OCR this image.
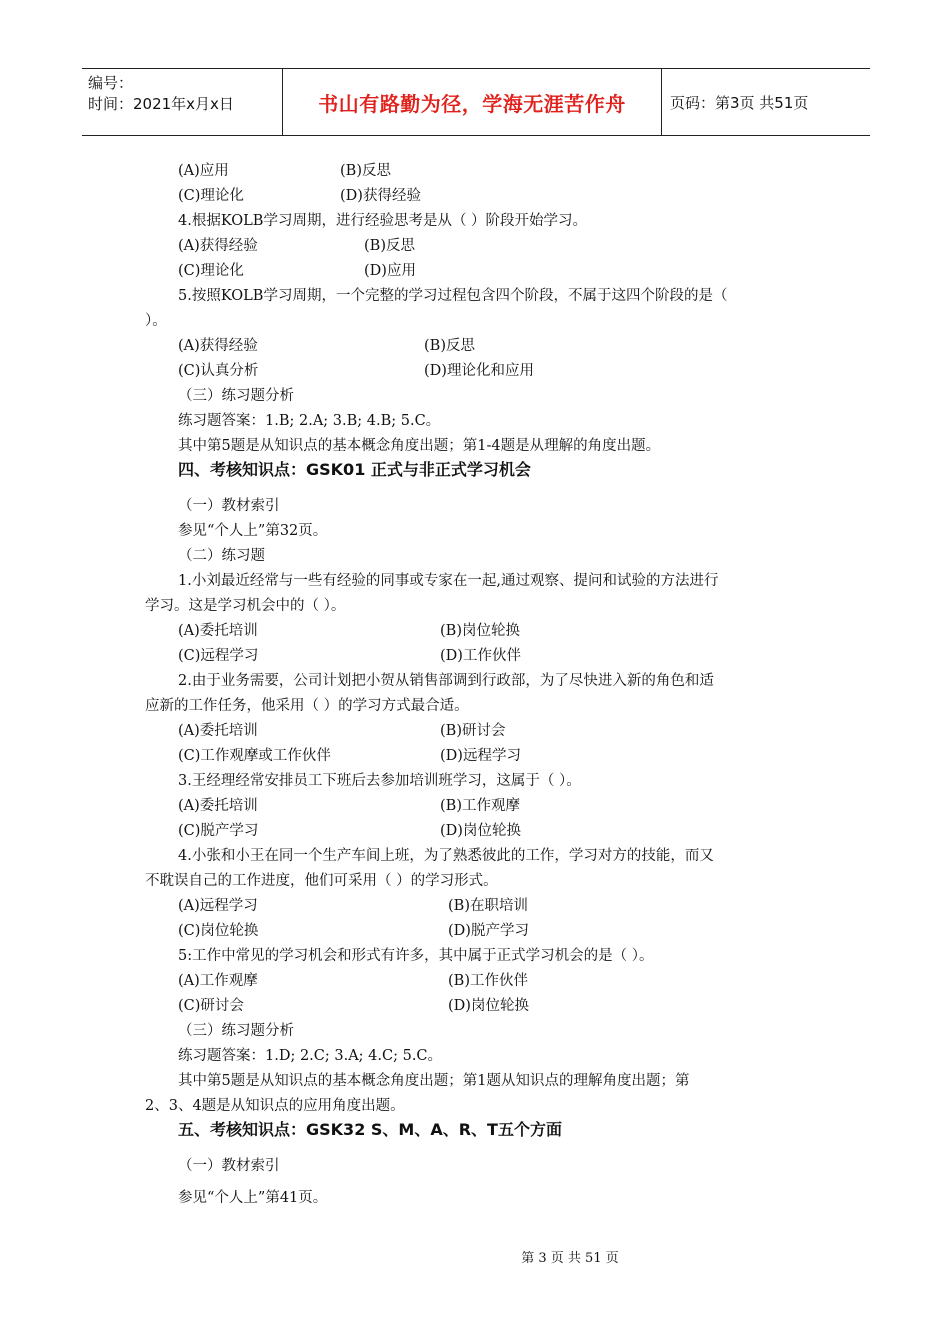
编号：
时间：2021年x月x日	书山有路勤为径，学海无涯苦作舟	页码：第3页 共51页
(A)应用	(B)反思
(C)理论化	(D)获得经验
4.根据KOLB学习周期，进行经验思考是从（ ）阶段开始学习。
(A)获得经验	(B)反思
(C)理论化	(D)应用
5.按照KOLB学习周期，一个完整的学习过程包含四个阶段，不属于这四个阶段的是（
）。
(A)获得经验	(B)反思
(C)认真分析	(D)理论化和应用
（三）练习题分析
练习题答案：1.B; 2.A; 3.B; 4.B; 5.C。
其中第5题是从知识点的基本概念角度出题；第1-4题是从理解的角度出题。
四、考核知识点：GSK01 正式与非正式学习机会
（一）教材索引
参见“个人上”第32页。
（二）练习题
1.小刘最近经常与一些有经验的同事或专家在一起,通过观察、提问和试验的方法进行
学习。这是学习机会中的（ ）。
(A)委托培训	(B)岗位轮换
(C)远程学习	(D)工作伙伴
2.由于业务需要，公司计划把小贺从销售部调到行政部，为了尽快进入新的角色和适
应新的工作任务，他采用（ ）的学习方式最合适。
(A)委托培训	(B)研讨会
(C)工作观摩或工作伙伴	(D)远程学习
3.王经理经常安排员工下班后去参加培训班学习，这属于（ ）。
(A)委托培训	(B)工作观摩
(C)脱产学习	(D)岗位轮换
4.小张和小王在同一个生产车间上班，为了熟悉彼此的工作，学习对方的技能，而又
不耽误自己的工作进度，他们可采用（ ）的学习形式。
(A)远程学习	(B)在职培训
(C)岗位轮换	(D)脱产学习
5:工作中常见的学习机会和形式有许多，其中属于正式学习机会的是（ ）。
(A)工作观摩	(B)工作伙伴
(C)研讨会	(D)岗位轮换
（三）练习题分析
练习题答案：1.D; 2.C; 3.A; 4.C; 5.C。
其中第5题是从知识点的基本概念角度出题；第1题从知识点的理解角度出题；第
2、3、4题是从知识点的应用角度出题。
五、考核知识点：GSK32 S、M、A、R、T五个方面
（一）教材索引
参见“个人上”第41页。
第 3 页 共 51 页
